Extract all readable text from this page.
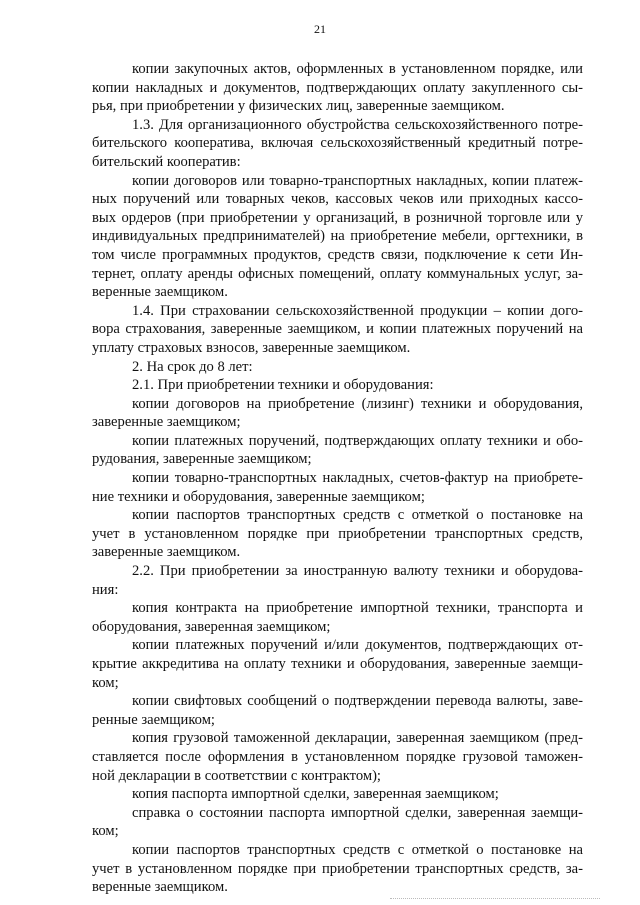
21
копии закупочных актов, оформленных в установленном порядке, или
копии накладных и документов, подтверждающих оплату закупленного сы-
рья, при приобретении у физических лиц, заверенные заемщиком.
1.3. Для организационного обустройства сельскохозяйственного потре-
бительского кооператива, включая сельскохозяйственный кредитный потре-
бительский кооператив:
копии договоров или товарно-транспортных накладных, копии платеж-
ных поручений или товарных чеков, кассовых чеков или приходных кассо-
вых ордеров (при приобретении у организаций, в розничной торговле или у
индивидуальных предпринимателей) на приобретение мебели, оргтехники, в
том числе программных продуктов, средств связи, подключение к сети Ин-
тернет, оплату аренды офисных помещений, оплату коммунальных услуг, за-
веренные заемщиком.
1.4. При страховании сельскохозяйственной продукции – копии дого-
вора страхования, заверенные заемщиком, и копии платежных поручений на
уплату страховых взносов, заверенные заемщиком.
2. На срок до 8 лет:
2.1. При приобретении техники и оборудования:
копии договоров на приобретение (лизинг) техники и оборудования,
заверенные заемщиком;
копии платежных поручений, подтверждающих оплату техники и обо-
рудования, заверенные заемщиком;
копии товарно-транспортных накладных, счетов-фактур на приобрете-
ние техники и оборудования, заверенные заемщиком;
копии паспортов транспортных средств с отметкой о постановке на
учет в установленном порядке при приобретении транспортных средств,
заверенные заемщиком.
2.2. При приобретении за иностранную валюту техники и оборудова-
ния:
копия контракта на приобретение импортной техники, транспорта и
оборудования, заверенная заемщиком;
копии платежных поручений и/или документов, подтверждающих от-
крытие аккредитива на оплату техники и оборудования, заверенные заемщи-
ком;
копии свифтовых сообщений о подтверждении перевода валюты, заве-
ренные заемщиком;
копия грузовой таможенной декларации, заверенная заемщиком (пред-
ставляется после оформления в установленном порядке грузовой таможен-
ной декларации в соответствии с контрактом);
копия паспорта импортной сделки, заверенная заемщиком;
справка о состоянии паспорта импортной сделки, заверенная заемщи-
ком;
копии паспортов транспортных средств с отметкой о постановке на
учет в установленном порядке при приобретении транспортных средств, за-
веренные заемщиком.
